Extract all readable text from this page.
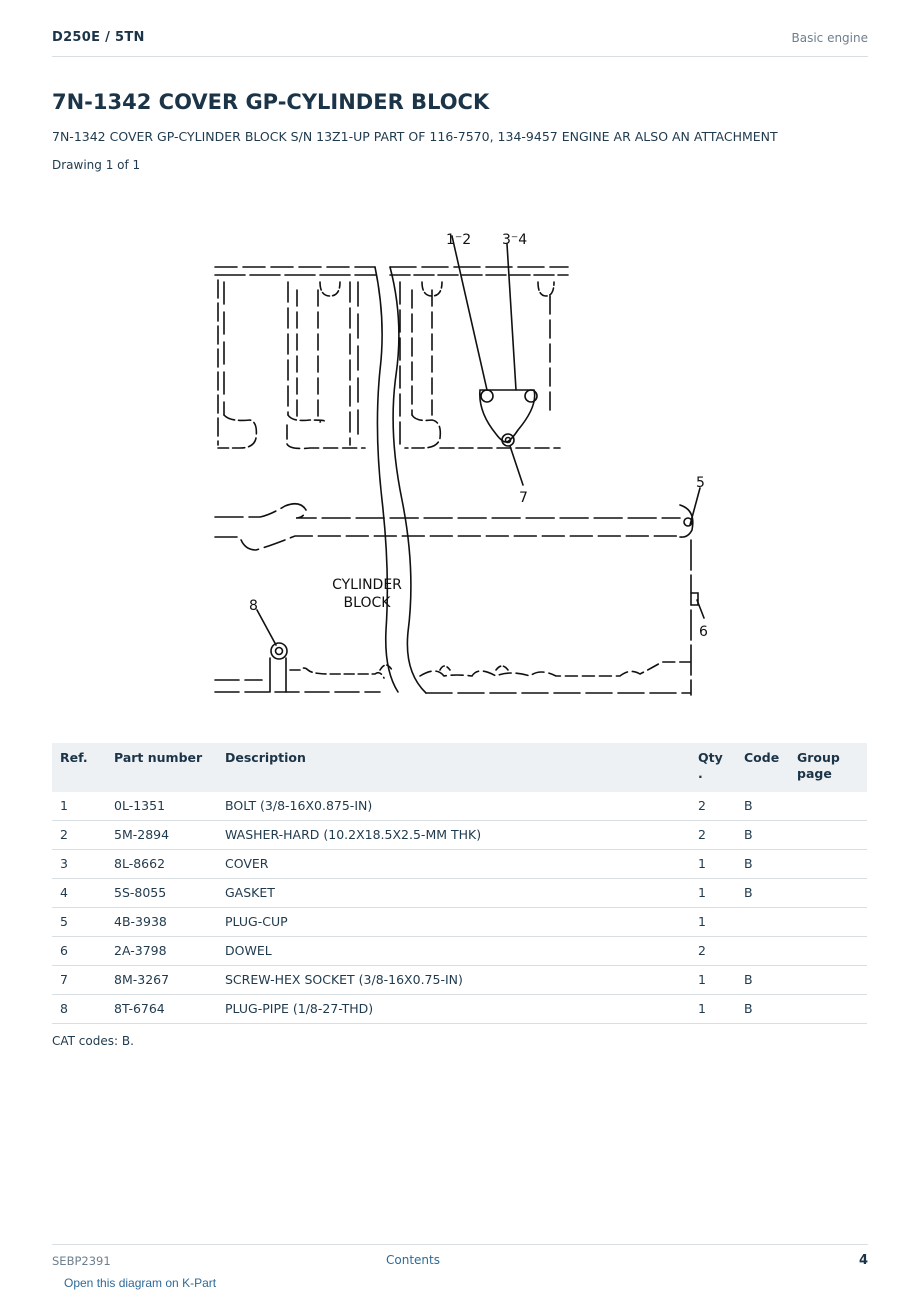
D250E / 5TN	Basic engine
7N-1342 COVER GP-CYLINDER BLOCK
7N-1342 COVER GP-CYLINDER BLOCK S/N 13Z1-UP PART OF 116-7570, 134-9457 ENGINE AR ALSO AN ATTACHMENT
Drawing 1 of 1
1⁻2 3⁻4
7
5
6
8
CYLINDER
BLOCK
Ref.	Part number	Description	Qty .	Code	Group page
1	0L-1351	BOLT (3/8-16X0.875-IN)	2	B	
2	5M-2894	WASHER-HARD (10.2X18.5X2.5-MM THK)	2	B	
3	8L-8662	COVER	1	B	
4	5S-8055	GASKET	1	B	
5	4B-3938	PLUG-CUP	1		
6	2A-3798	DOWEL	2		
7	8M-3267	SCREW-HEX SOCKET (3/8-16X0.75-IN)	1	B	
8	8T-6764	PLUG-PIPE (1/8-27-THD)	1	B	
CAT codes: B.
SEBP2391	Contents	4
Open this diagram on K-Part
